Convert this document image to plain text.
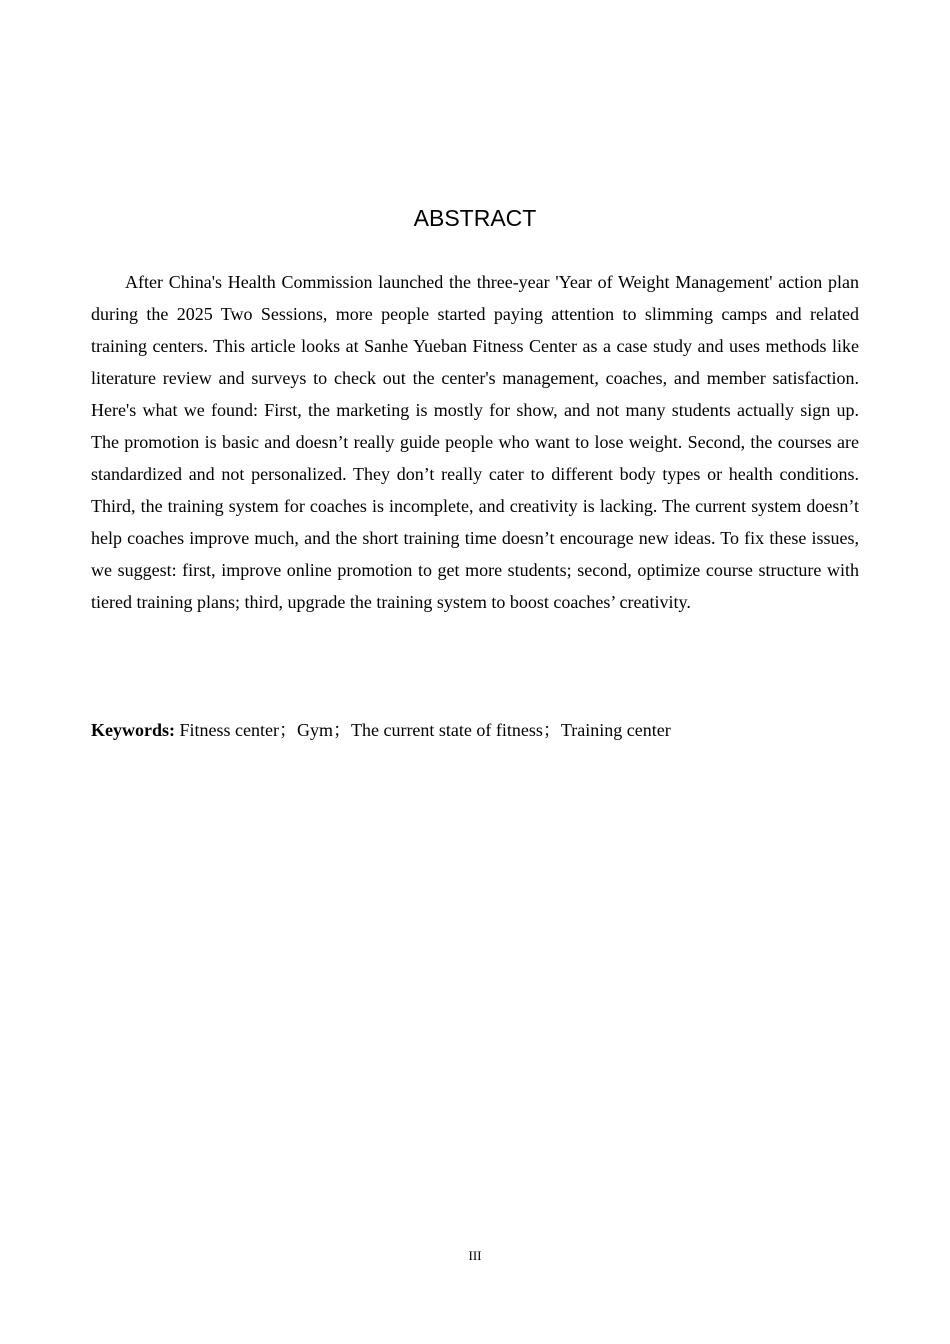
ABSTRACT

After China's Health Commission launched the three-year 'Year of Weight Management' action plan during the 2025 Two Sessions, more people started paying attention to slimming camps and related training centers. This article looks at Sanhe Yueban Fitness Center as a case study and uses methods like literature review and surveys to check out the center's management, coaches, and member satisfaction. Here's what we found: First, the marketing is mostly for show, and not many students actually sign up. The promotion is basic and doesn’t really guide people who want to lose weight. Second, the courses are standardized and not personalized. They don’t really cater to different body types or health conditions. Third, the training system for coaches is incomplete, and creativity is lacking. The current system doesn’t help coaches improve much, and the short training time doesn’t encourage new ideas. To fix these issues, we suggest: first, improve online promotion to get more students; second, optimize course structure with tiered training plans; third, upgrade the training system to boost coaches’ creativity.

Keywords: Fitness center；Gym；The current state of fitness；Training center

III
